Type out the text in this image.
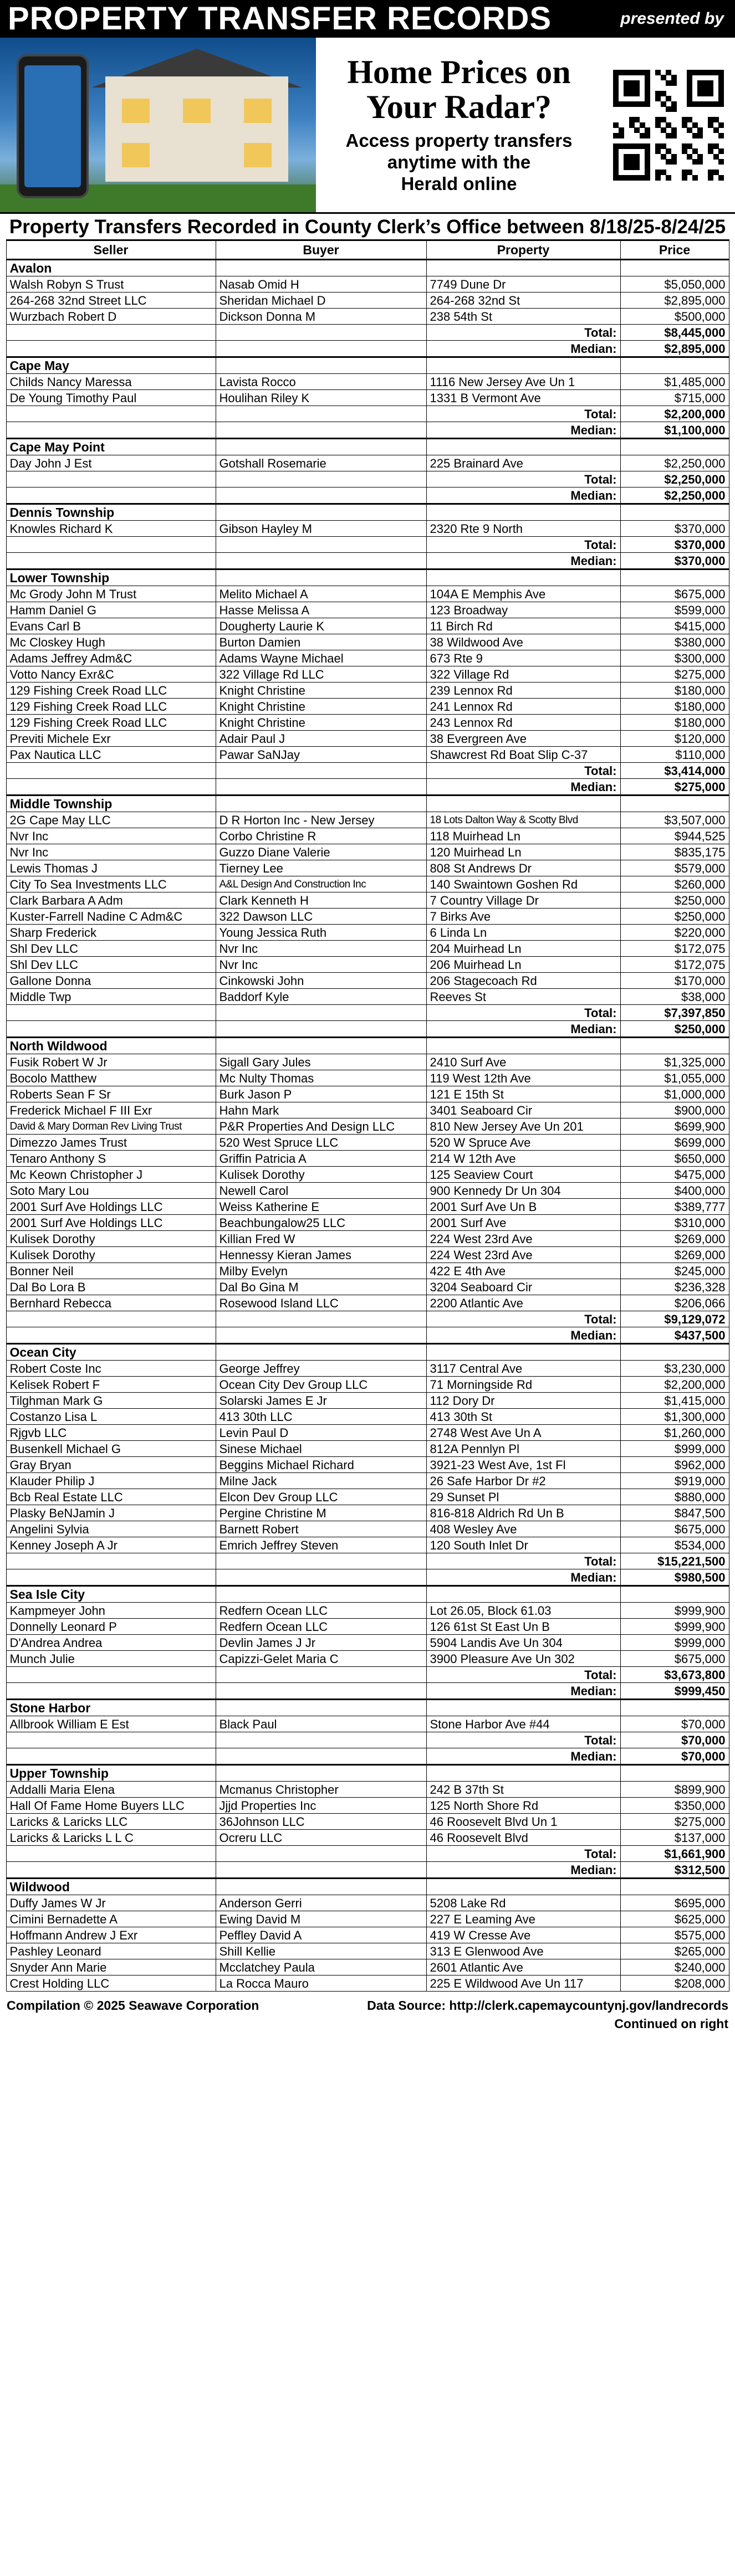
PROPERTY TRANSFER RECORDS	presented by
Home Prices on
Your Radar?
Access property transfers
anytime with the
Herald online
Property Transfers Recorded in County Clerk’s Office between 8/18/25-8/24/25
Seller	Buyer	Property	Price
Avalon			
Walsh Robyn S Trust	Nasab Omid H	7749 Dune Dr	$5,050,000
264-268 32nd Street LLC	Sheridan Michael D	264-268 32nd St	$2,895,000
Wurzbach Robert D	Dickson Donna M	238 54th St	$500,000
		Total:	$8,445,000
		Median:	$2,895,000
Cape May			
Childs Nancy Maressa	Lavista Rocco	1116 New Jersey Ave Un 1	$1,485,000
De Young Timothy Paul	Houlihan Riley K	1331 B Vermont Ave	$715,000
		Total:	$2,200,000
		Median:	$1,100,000
Cape May Point			
Day John J Est	Gotshall Rosemarie	225 Brainard Ave	$2,250,000
		Total:	$2,250,000
		Median:	$2,250,000
Dennis Township			
Knowles Richard K	Gibson Hayley M	2320 Rte 9 North	$370,000
		Total:	$370,000
		Median:	$370,000
Lower Township			
Mc Grody John M Trust	Melito Michael A	104A E Memphis Ave	$675,000
Hamm Daniel G	Hasse Melissa A	123 Broadway	$599,000
Evans Carl B	Dougherty Laurie K	11 Birch Rd	$415,000
Mc Closkey Hugh	Burton Damien	38 Wildwood Ave	$380,000
Adams Jeffrey Adm&C	Adams Wayne Michael	673 Rte 9	$300,000
Votto Nancy Exr&C	322 Village Rd LLC	322 Village Rd	$275,000
129 Fishing Creek Road LLC	Knight Christine	239 Lennox Rd	$180,000
129 Fishing Creek Road LLC	Knight Christine	241 Lennox Rd	$180,000
129 Fishing Creek Road LLC	Knight Christine	243 Lennox Rd	$180,000
Previti Michele Exr	Adair Paul J	38 Evergreen Ave	$120,000
Pax Nautica LLC	Pawar SaNJay	Shawcrest Rd Boat Slip C-37	$110,000
		Total:	$3,414,000
		Median:	$275,000
Middle Township			
2G Cape May LLC	D R Horton Inc - New Jersey	18 Lots Dalton Way & Scotty Blvd	$3,507,000
Nvr Inc	Corbo Christine R	118 Muirhead Ln	$944,525
Nvr Inc	Guzzo Diane Valerie	120 Muirhead Ln	$835,175
Lewis Thomas J	Tierney Lee	808 St Andrews Dr	$579,000
City To Sea Investments LLC	A&L Design And Construction Inc	140 Swaintown Goshen Rd	$260,000
Clark Barbara A Adm	Clark Kenneth H	7 Country Village Dr	$250,000
Kuster-Farrell Nadine C Adm&C	322 Dawson LLC	7 Birks Ave	$250,000
Sharp Frederick	Young Jessica Ruth	6 Linda Ln	$220,000
Shl Dev LLC	Nvr Inc	204 Muirhead Ln	$172,075
Shl Dev LLC	Nvr Inc	206 Muirhead Ln	$172,075
Gallone Donna	Cinkowski John	206 Stagecoach Rd	$170,000
Middle Twp	Baddorf Kyle	Reeves St	$38,000
		Total:	$7,397,850
		Median:	$250,000
North Wildwood			
Fusik Robert W Jr	Sigall Gary Jules	2410 Surf Ave	$1,325,000
Bocolo Matthew	Mc Nulty Thomas	119 West 12th Ave	$1,055,000
Roberts Sean F Sr	Burk Jason P	121 E 15th St	$1,000,000
Frederick Michael F III Exr	Hahn Mark	3401 Seaboard Cir	$900,000
David & Mary Dorman Rev Living Trust	P&R Properties And Design LLC	810 New Jersey Ave Un 201	$699,900
Dimezzo James Trust	520 West Spruce LLC	520 W Spruce Ave	$699,000
Tenaro Anthony S	Griffin Patricia A	214 W 12th Ave	$650,000
Mc Keown Christopher J	Kulisek Dorothy	125 Seaview Court	$475,000
Soto Mary Lou	Newell Carol	900 Kennedy Dr Un 304	$400,000
2001 Surf Ave Holdings LLC	Weiss Katherine E	2001 Surf Ave Un B	$389,777
2001 Surf Ave Holdings LLC	Beachbungalow25 LLC	2001 Surf Ave	$310,000
Kulisek Dorothy	Killian Fred W	224 West 23rd Ave	$269,000
Kulisek Dorothy	Hennessy Kieran James	224 West 23rd Ave	$269,000
Bonner Neil	Milby Evelyn	422 E 4th Ave	$245,000
Dal Bo Lora B	Dal Bo Gina M	3204 Seaboard Cir	$236,328
Bernhard Rebecca	Rosewood Island LLC	2200 Atlantic Ave	$206,066
		Total:	$9,129,072
		Median:	$437,500
Ocean City			
Robert Coste Inc	George Jeffrey	3117 Central Ave	$3,230,000
Kelisek Robert F	Ocean City Dev Group LLC	71 Morningside Rd	$2,200,000
Tilghman Mark G	Solarski James E Jr	112 Dory Dr	$1,415,000
Costanzo Lisa L	413 30th LLC	413 30th St	$1,300,000
Rjgvb LLC	Levin Paul D	2748 West Ave Un A	$1,260,000
Busenkell Michael G	Sinese Michael	812A Pennlyn Pl	$999,000
Gray Bryan	Beggins Michael Richard	3921-23 West Ave, 1st Fl	$962,000
Klauder Philip J	Milne Jack	26 Safe Harbor Dr #2	$919,000
Bcb Real Estate LLC	Elcon Dev Group LLC	29 Sunset Pl	$880,000
Plasky BeNJamin J	Pergine Christine M	816-818 Aldrich Rd Un B	$847,500
Angelini Sylvia	Barnett Robert	408 Wesley Ave	$675,000
Kenney Joseph A Jr	Emrich Jeffrey Steven	120 South Inlet Dr	$534,000
		Total:	$15,221,500
		Median:	$980,500
Sea Isle City			
Kampmeyer John	Redfern Ocean LLC	Lot 26.05, Block 61.03	$999,900
Donnelly Leonard P	Redfern Ocean LLC	126 61st St East Un B	$999,900
D'Andrea Andrea	Devlin James J Jr	5904 Landis Ave Un 304	$999,000
Munch Julie	Capizzi-Gelet Maria C	3900 Pleasure Ave Un 302	$675,000
		Total:	$3,673,800
		Median:	$999,450
Stone Harbor			
Allbrook William E Est	Black Paul	Stone Harbor Ave #44	$70,000
		Total:	$70,000
		Median:	$70,000
Upper Township			
Addalli Maria Elena	Mcmanus Christopher	242 B 37th St	$899,900
Hall Of Fame Home Buyers LLC	Jjjd Properties Inc	125 North Shore Rd	$350,000
Laricks & Laricks LLC	36Johnson LLC	46 Roosevelt Blvd Un 1	$275,000
Laricks & Laricks L L C	Ocreru LLC	46 Roosevelt Blvd	$137,000
		Total:	$1,661,900
		Median:	$312,500
Wildwood			
Duffy James W Jr	Anderson Gerri	5208 Lake Rd	$695,000
Cimini Bernadette A	Ewing David M	227 E Leaming Ave	$625,000
Hoffmann Andrew J Exr	Peffley David A	419 W Cresse Ave	$575,000
Pashley Leonard	Shill Kellie	313 E Glenwood Ave	$265,000
Snyder Ann Marie	Mcclatchey Paula	2601 Atlantic Ave	$240,000
Crest Holding LLC	La Rocca Mauro	225 E Wildwood Ave Un 117	$208,000
Compilation © 2025 Seawave Corporation	Data Source: http://clerk.capemaycountynj.gov/landrecords
Continued on right
